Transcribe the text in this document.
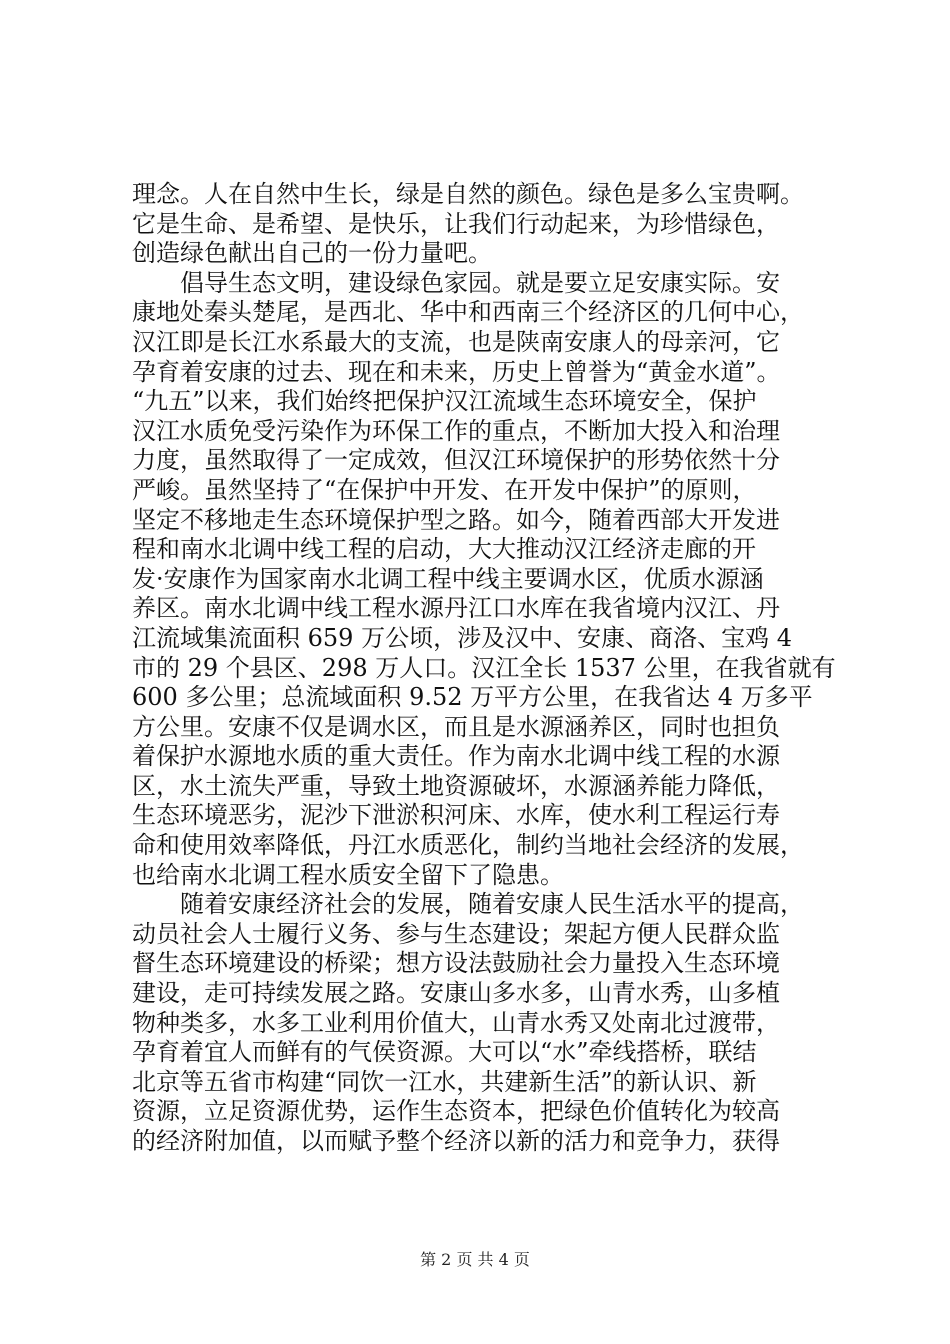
理念。人在自然中生长，绿是自然的颜色。绿色是多么宝贵啊。
它是生命、是希望、是快乐，让我们行动起来，为珍惜绿色，
创造绿色献出自己的一份力量吧。
　　倡导生态文明，建设绿色家园。就是要立足安康实际。安
康地处秦头楚尾，是西北、华中和西南三个经济区的几何中心，
汉江即是长江水系最大的支流，也是陕南安康人的母亲河，它
孕育着安康的过去、现在和未来，历史上曾誉为“黄金水道”。
“九五”以来，我们始终把保护汉江流域生态环境安全，保护
汉江水质免受污染作为环保工作的重点，不断加大投入和治理
力度，虽然取得了一定成效，但汉江环境保护的形势依然十分
严峻。虽然坚持了“在保护中开发、在开发中保护”的原则，
坚定不移地走生态环境保护型之路。如今，随着西部大开发进
程和南水北调中线工程的启动，大大推动汉江经济走廊的开
发·安康作为国家南水北调工程中线主要调水区，优质水源涵
养区。南水北调中线工程水源丹江口水库在我省境内汉江、丹
江流域集流面积 659 万公顷，涉及汉中、安康、商洛、宝鸡 4
市的 29 个县区、298 万人口。汉江全长 1537 公里，在我省就有
600 多公里；总流域面积 9.52 万平方公里，在我省达 4 万多平
方公里。安康不仅是调水区，而且是水源涵养区，同时也担负
着保护水源地水质的重大责任。作为南水北调中线工程的水源
区，水土流失严重，导致土地资源破坏，水源涵养能力降低，
生态环境恶劣，泥沙下泄淤积河床、水库，使水利工程运行寿
命和使用效率降低，丹江水质恶化，制约当地社会经济的发展，
也给南水北调工程水质安全留下了隐患。
　　随着安康经济社会的发展，随着安康人民生活水平的提高，
动员社会人士履行义务、参与生态建设；架起方便人民群众监
督生态环境建设的桥梁；想方设法鼓励社会力量投入生态环境
建设，走可持续发展之路。安康山多水多，山青水秀，山多植
物种类多，水多工业利用价值大，山青水秀又处南北过渡带，
孕育着宜人而鲜有的气侯资源。大可以“水”牵线搭桥，联结
北京等五省市构建“同饮一江水，共建新生活”的新认识、新
资源，立足资源优势，运作生态资本，把绿色价值转化为较高
的经济附加值，以而赋予整个经济以新的活力和竞争力，获得
第 2 页 共 4 页
